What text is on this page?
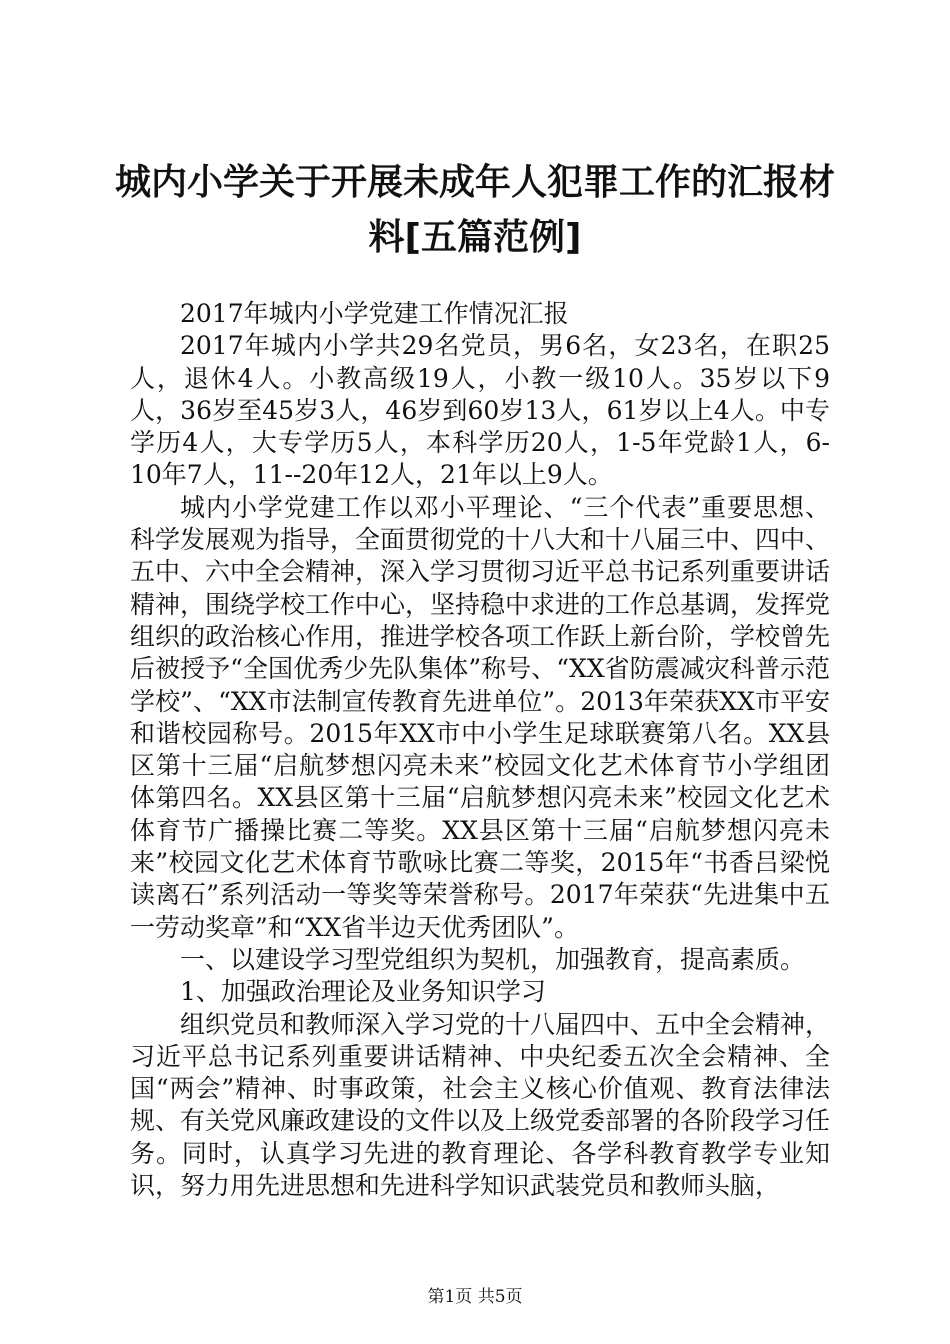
城内小学关于开展未成年人犯罪工作的汇报材
料[五篇范例]

2017年城内小学党建工作情况汇报

2017年城内小学共29名党员，男6名，女23名，在职25人，退休4人。小教高级19人，小教一级10人。35岁以下9人，36岁至45岁3人，46岁到60岁13人，61岁以上4人。中专学历4人，大专学历5人，本科学历20人，1-5年党龄1人，6-10年7人，11--20年12人，21年以上9人。

城内小学党建工作以邓小平理论、“三个代表”重要思想、科学发展观为指导，全面贯彻党的十八大和十八届三中、四中、五中、六中全会精神，深入学习贯彻习近平总书记系列重要讲话精神，围绕学校工作中心，坚持稳中求进的工作总基调，发挥党组织的政治核心作用，推进学校各项工作跃上新台阶，学校曾先后被授予“全国优秀少先队集体”称号、“XX省防震减灾科普示范学校”、“XX市法制宣传教育先进单位”。2013年荣获XX市平安和谐校园称号。2015年XX市中小学生足球联赛第八名。XX县区第十三届“启航梦想闪亮未来”校园文化艺术体育节小学组团体第四名。XX县区第十三届“启航梦想闪亮未来”校园文化艺术体育节广播操比赛二等奖。XX县区第十三届“启航梦想闪亮未来”校园文化艺术体育节歌咏比赛二等奖，2015年“书香吕梁悦读离石”系列活动一等奖等荣誉称号。2017年荣获“先进集中五一劳动奖章”和“XX省半边天优秀团队”。

一、以建设学习型党组织为契机，加强教育，提高素质。

1、加强政治理论及业务知识学习

组织党员和教师深入学习党的十八届四中、五中全会精神，习近平总书记系列重要讲话精神、中央纪委五次全会精神、全国“两会”精神、时事政策，社会主义核心价值观、教育法律法规、有关党风廉政建设的文件以及上级党委部署的各阶段学习任务。同时，认真学习先进的教育理论、各学科教育教学专业知识，努力用先进思想和先进科学知识武装党员和教师头脑，

第1页 共5页
